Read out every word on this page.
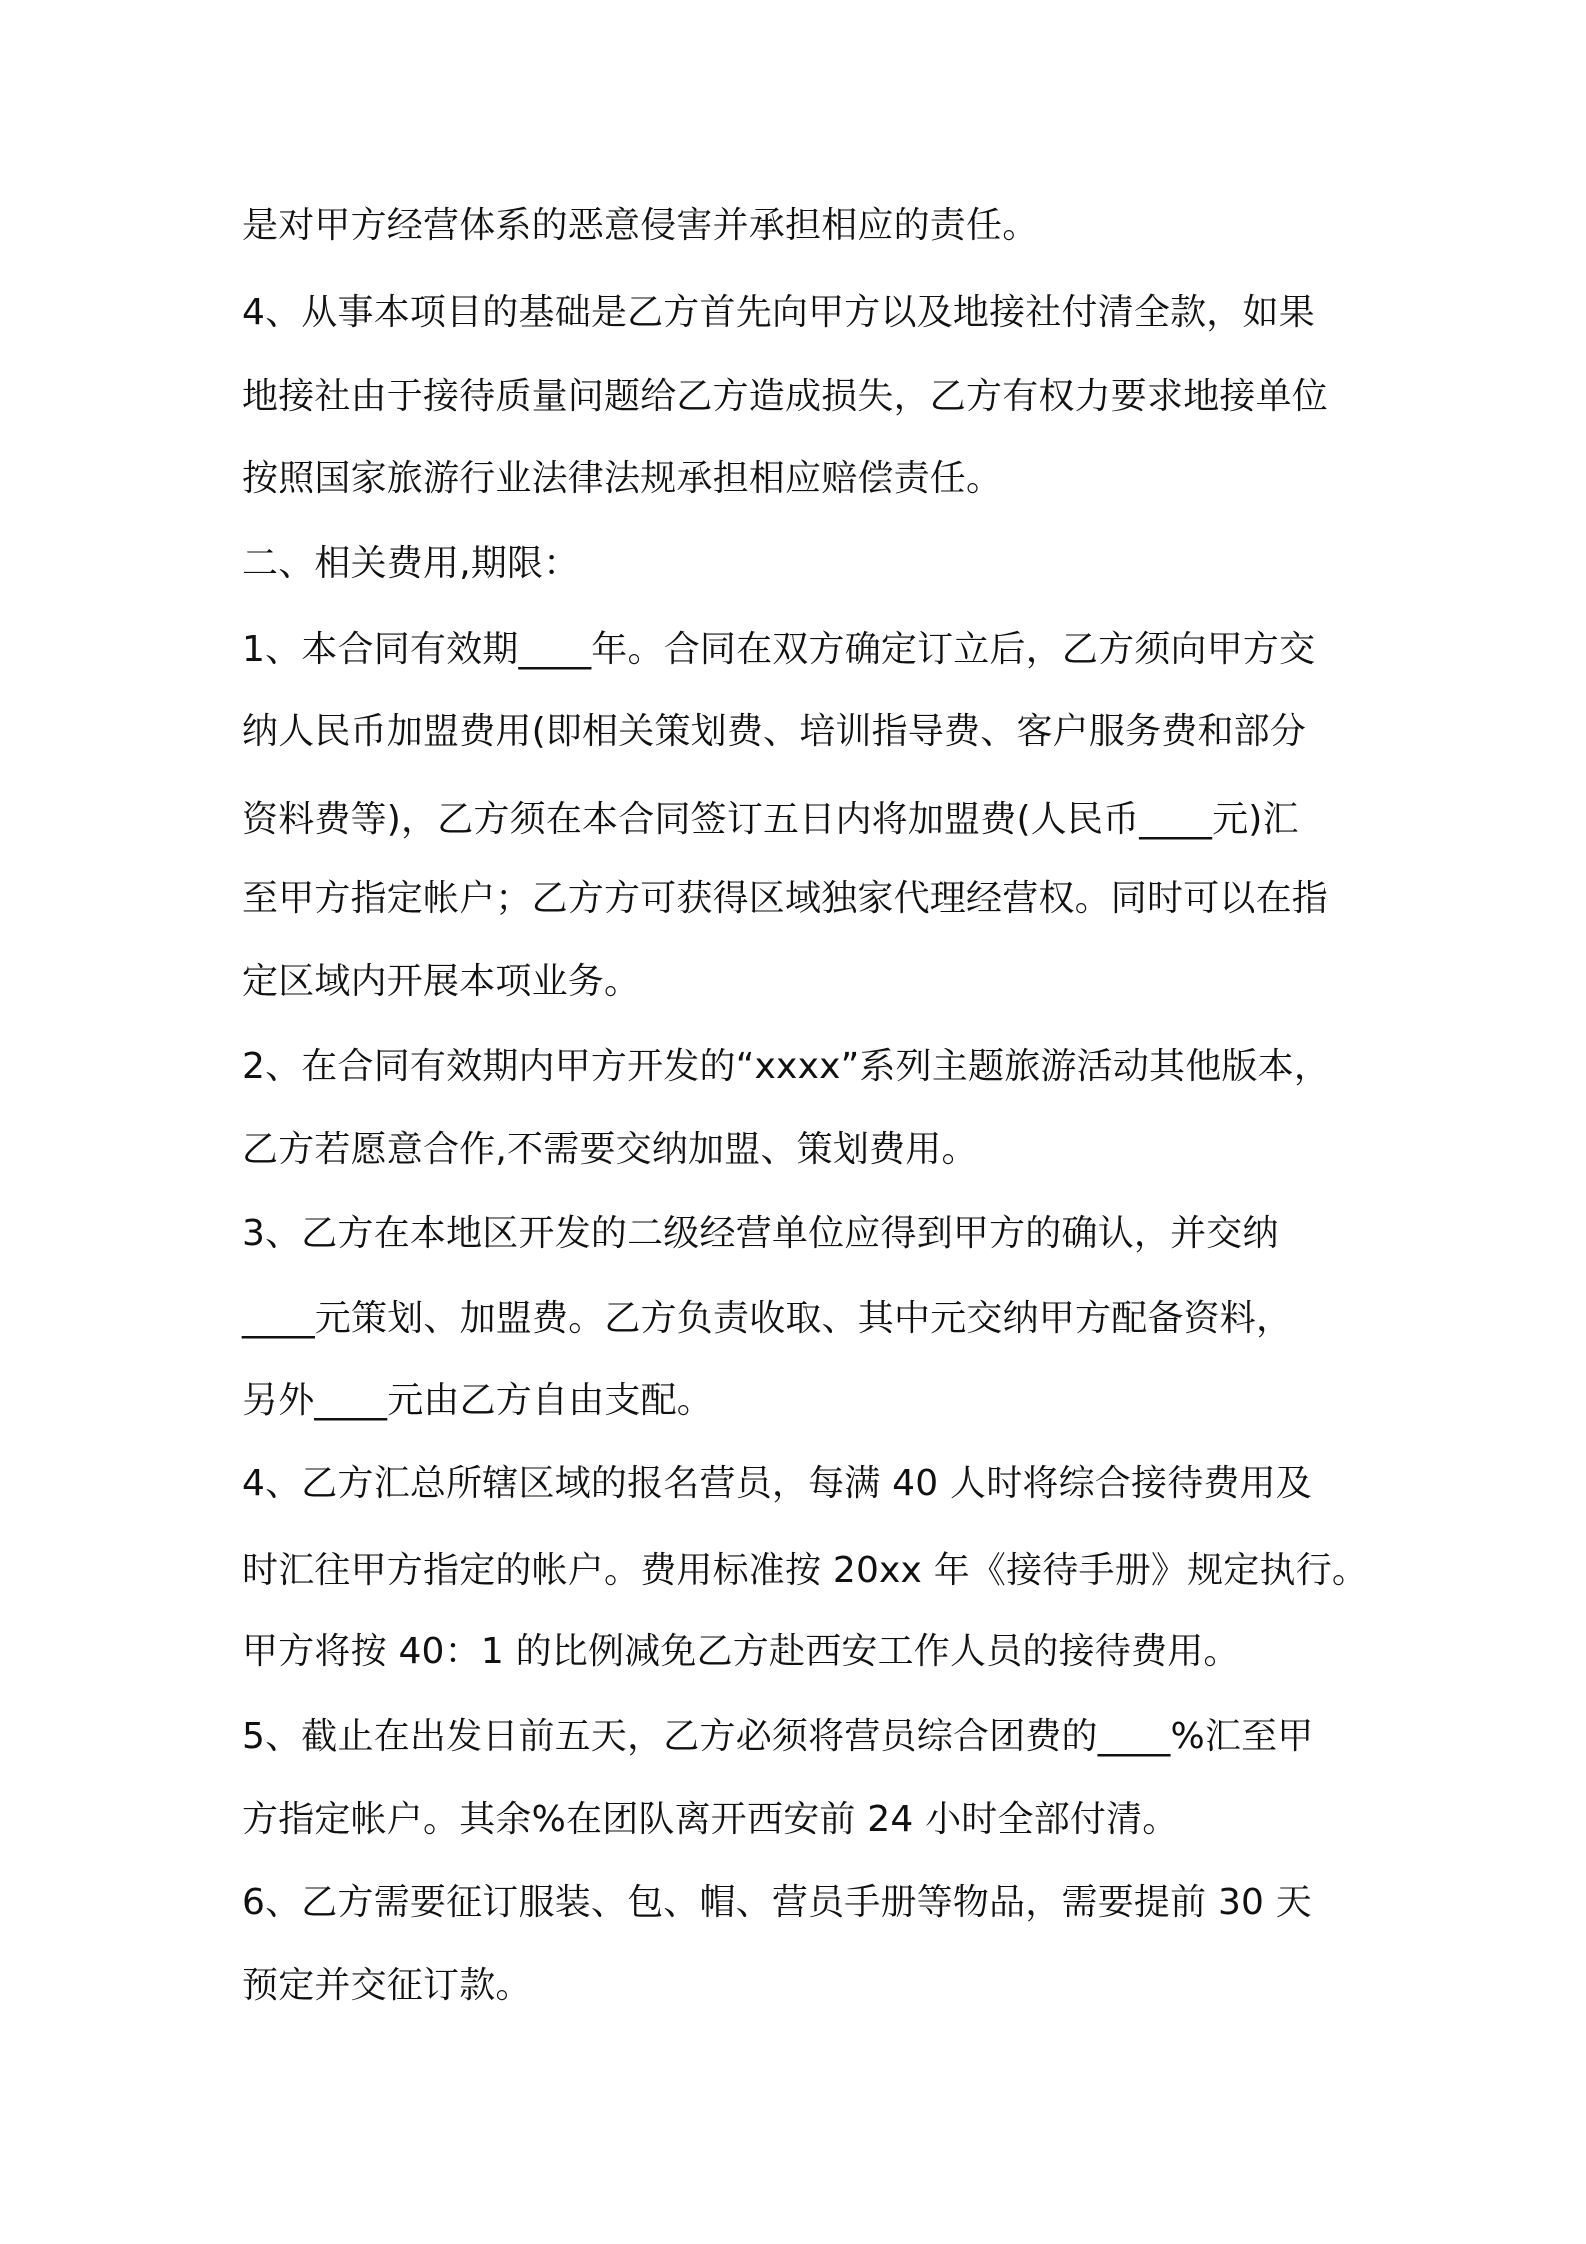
是对甲方经营体系的恶意侵害并承担相应的责任。
4、从事本项目的基础是乙方首先向甲方以及地接社付清全款，如果
地接社由于接待质量问题给乙方造成损失，乙方有权力要求地接单位
按照国家旅游行业法律法规承担相应赔偿责任。
二、相关费用,期限：
1、本合同有效期____年。合同在双方确定订立后，乙方须向甲方交
纳人民币加盟费用(即相关策划费、培训指导费、客户服务费和部分
资料费等)，乙方须在本合同签订五日内将加盟费(人民币____元)汇
至甲方指定帐户；乙方方可获得区域独家代理经营权。同时可以在指
定区域内开展本项业务。
2、在合同有效期内甲方开发的“xxxx”系列主题旅游活动其他版本，
乙方若愿意合作,不需要交纳加盟、策划费用。
3、乙方在本地区开发的二级经营单位应得到甲方的确认，并交纳
____元策划、加盟费。乙方负责收取、其中元交纳甲方配备资料，
另外____元由乙方自由支配。
4、乙方汇总所辖区域的报名营员，每满 40 人时将综合接待费用及
时汇往甲方指定的帐户。费用标准按 20xx 年《接待手册》规定执行。
甲方将按 40：1 的比例减免乙方赴西安工作人员的接待费用。
5、截止在出发日前五天，乙方必须将营员综合团费的____%汇至甲
方指定帐户。其余%在团队离开西安前 24 小时全部付清。
6、乙方需要征订服装、包、帽、营员手册等物品，需要提前 30 天
预定并交征订款。
